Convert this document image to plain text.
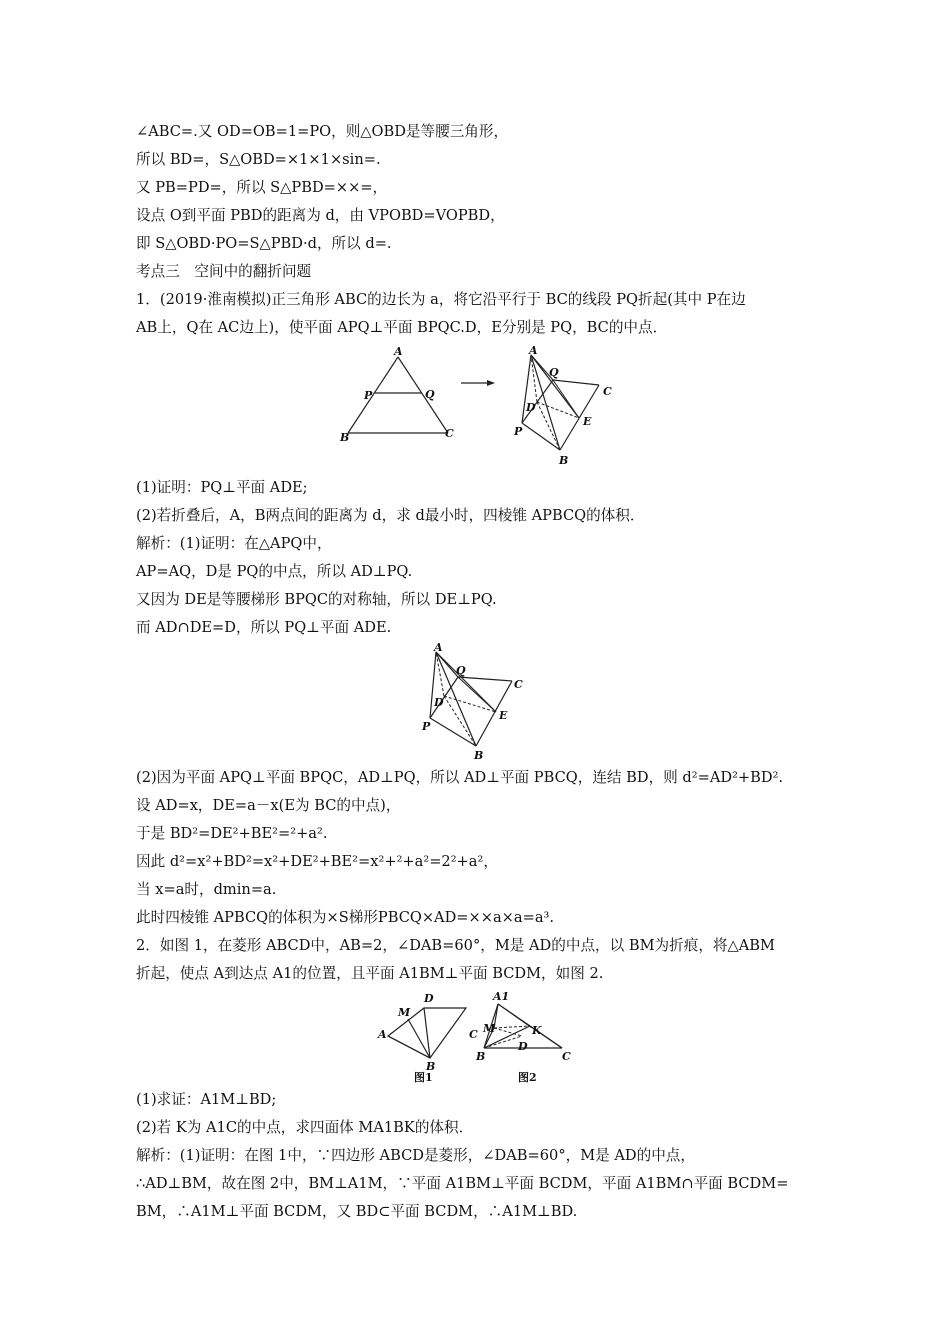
∠ABC=.又 OD=OB=1=PO，则△OBD是等腰三角形，
所以 BD=，S△OBD=×1×1×sin=.
又 PB=PD=，所以 S△PBD=××=，
设点 O到平面 PBD的距离为 d，由 VPOBD=VOPBD，
即 S△OBD·PO=S△PBD·d，所以 d=.
考点三　空间中的翻折问题
1．(2019·淮南模拟)正三角形 ABC的边长为 a，将它沿平行于 BC的线段 PQ折起(其中 P在边
AB上，Q在 AC边上)，使平面 APQ⊥平面 BPQC.D，E分别是 PQ，BC的中点．
A
P	Q
B	C
A
Q
C
D
E
P
B
(1)证明：PQ⊥平面 ADE;
(2)若折叠后，A，B两点间的距离为 d，求 d最小时，四棱锥 APBCQ的体积．
解析：(1)证明：在△APQ中，
AP=AQ，D是 PQ的中点，所以 AD⊥PQ.
又因为 DE是等腰梯形 BPQC的对称轴，所以 DE⊥PQ.
而 AD∩DE=D，所以 PQ⊥平面 ADE.
A
Q
C
D
E
P
B
(2)因为平面 APQ⊥平面 BPQC，AD⊥PQ，所以 AD⊥平面 PBCQ，连结 BD，则 d²=AD²+BD².
设 AD=x，DE=a－x(E为 BC的中点)，
于是 BD²=DE²+BE²=²+a².
因此 d²=x²+BD²=x²+DE²+BE²=x²+²+a²=2²+a²，
当 x=a时，dmin=a.
此时四棱锥 APBCQ的体积为×S梯形PBCQ×AD=××a×a=a³.
2．如图 1，在菱形 ABCD中，AB=2，∠DAB=60°，M是 AD的中点，以 BM为折痕，将△ABM
折起，使点 A到达点 A1的位置，且平面 A1BM⊥平面 BCDM，如图 2.
M
D
A	C
B
图1
A1
M	K
D
B	C
图2
(1)求证：A1M⊥BD;
(2)若 K为 A1C的中点，求四面体 MA1BK的体积．
解析：(1)证明：在图 1中，∵四边形 ABCD是菱形，∠DAB=60°，M是 AD的中点，
∴AD⊥BM，故在图 2中，BM⊥A1M，∵平面 A1BM⊥平面 BCDM，平面 A1BM∩平面 BCDM=
BM，∴A1M⊥平面 BCDM，又 BD⊂平面 BCDM，∴A1M⊥BD.
